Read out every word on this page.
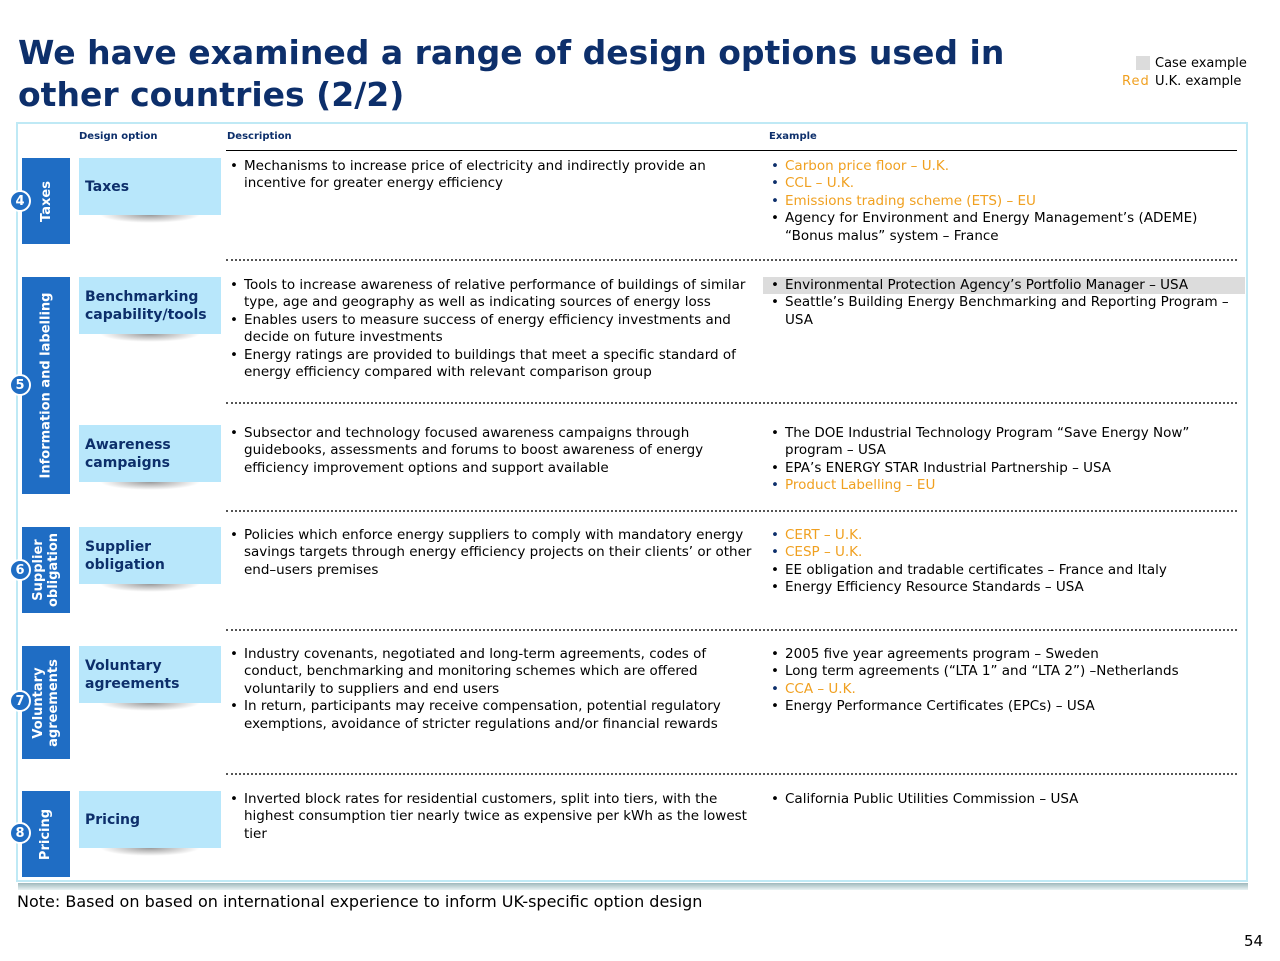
We have examined a range of design options used in other countries (2/2)
Case example
Red U.K. example
Design option	Description	Example
Taxes
4
Information and labelling
5
Supplier obligation
6
Voluntary agreements
7
Pricing
8
Taxes
Benchmarking capability/tools
Awareness campaigns
Supplier obligation
Voluntary agreements
Pricing
• Mechanisms to increase price of electricity and indirectly provide an incentive for greater energy efficiency
• Tools to increase awareness of relative performance of buildings of similar type, age and geography as well as indicating sources of energy loss
• Enables users to measure success of energy efficiency investments and decide on future investments
• Energy ratings are provided to buildings that meet a specific standard of energy efficiency compared with relevant comparison group
• Subsector and technology focused awareness campaigns through guidebooks, assessments and forums to boost awareness of energy efficiency improvement options and support available
• Policies which enforce energy suppliers to comply with mandatory energy savings targets through energy efficiency projects on their clients’ or other end–users premises
• Industry covenants, negotiated and long-term agreements, codes of conduct, benchmarking and monitoring schemes which are offered voluntarily to suppliers and end users
• In return, participants may receive compensation, potential regulatory exemptions, avoidance of stricter regulations and/or financial rewards
• Inverted block rates for residential customers, split into tiers, with the highest consumption tier nearly twice as expensive per kWh as the lowest tier
• Carbon price floor – U.K.
• CCL – U.K.
• Emissions trading scheme (ETS) – EU
• Agency for Environment and Energy Management’s (ADEME) “Bonus malus” system – France
• Environmental Protection Agency’s Portfolio Manager – USA
• Seattle’s Building Energy Benchmarking and Reporting Program – USA
• The DOE Industrial Technology Program “Save Energy Now” program – USA
• EPA’s ENERGY STAR Industrial Partnership – USA
• Product Labelling – EU
• CERT – U.K.
• CESP – U.K.
• EE obligation and tradable certificates – France and Italy
• Energy Efficiency Resource Standards – USA
• 2005 five year agreements program – Sweden
• Long term agreements (“LTA 1” and “LTA 2”) –Netherlands
• CCA – U.K.
• Energy Performance Certificates (EPCs) – USA
• California Public Utilities Commission – USA
Note: Based on based on international experience to inform UK-specific option design
54
